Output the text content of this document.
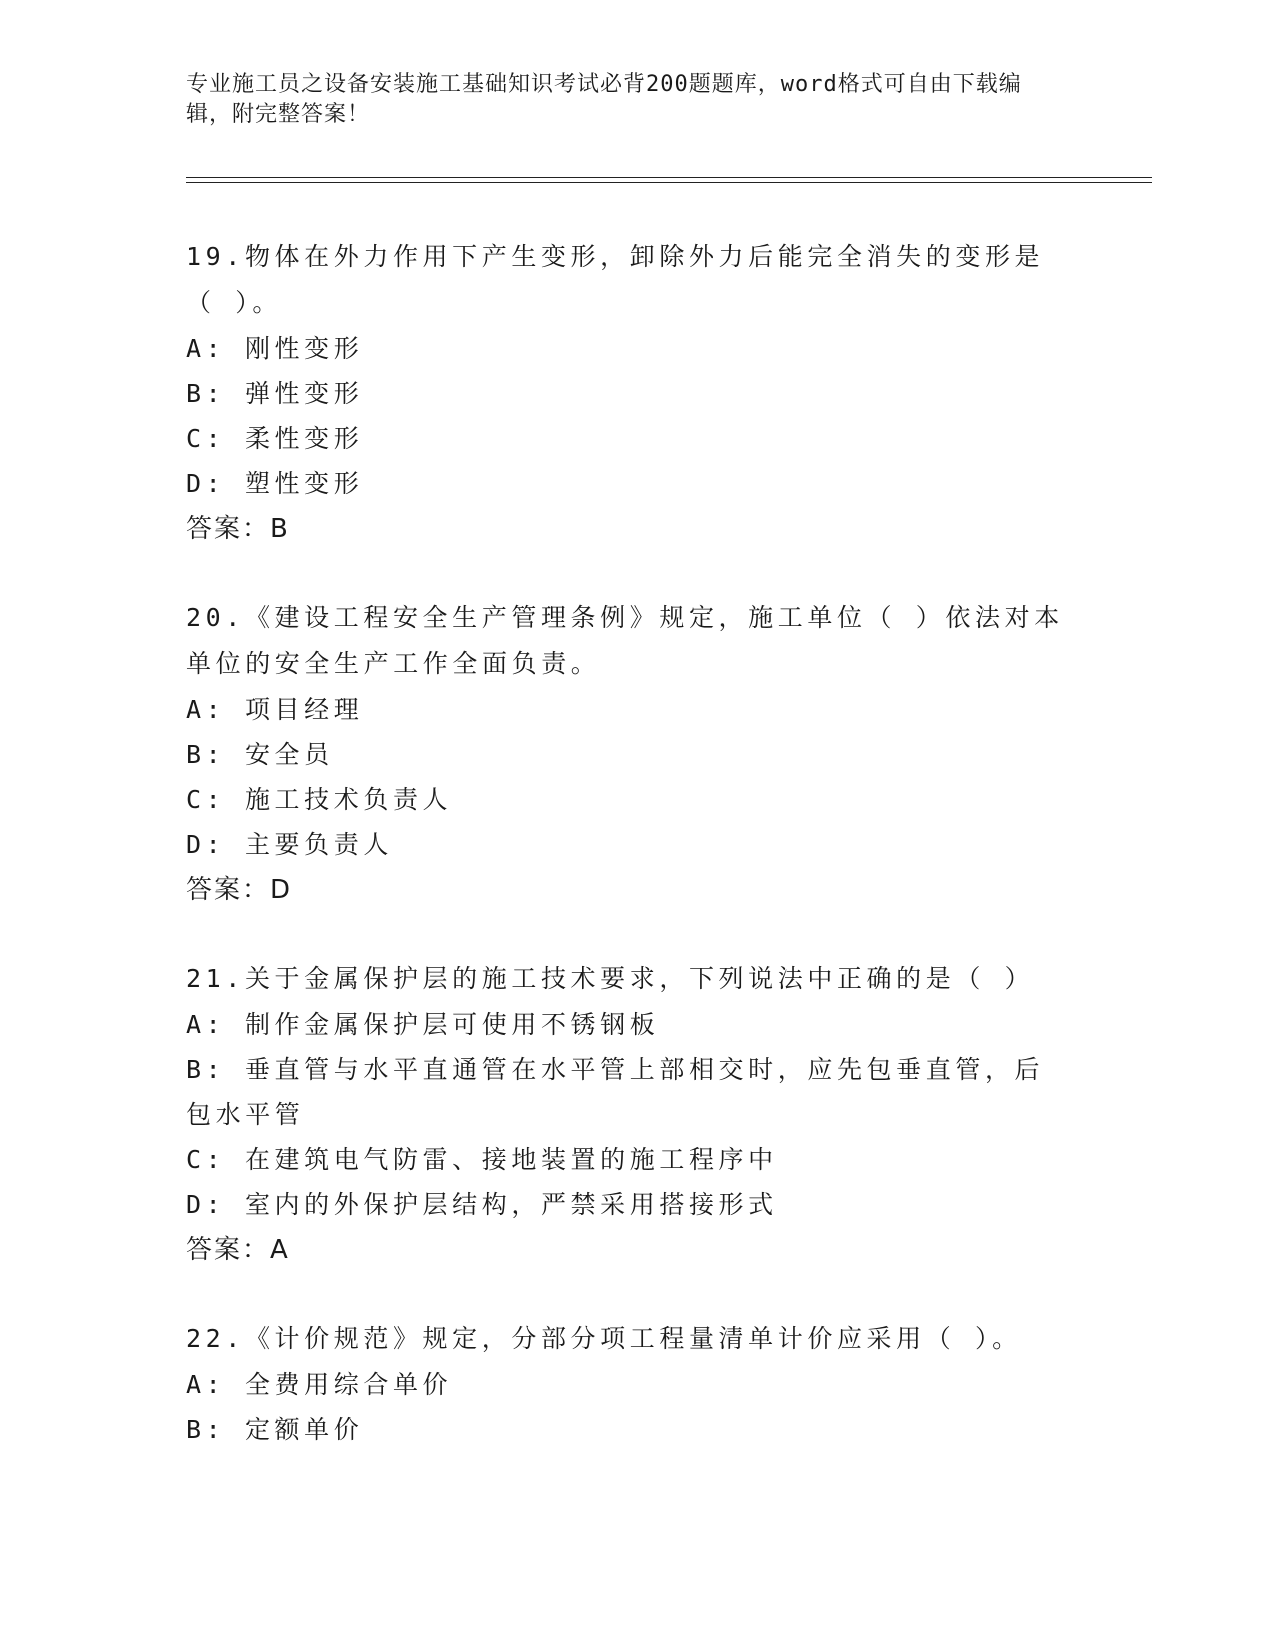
专业施工员之设备安装施工基础知识考试必背200题题库，word格式可自由下载编辑，附完整答案！

19.物体在外力作用下产生变形，卸除外力后能完全消失的变形是（ ）。

A: 刚性变形

B: 弹性变形

C: 柔性变形

D: 塑性变形

答案：B

20.《建设工程安全生产管理条例》规定，施工单位（ ）依法对本单位的安全生产工作全面负责。

A: 项目经理

B: 安全员

C: 施工技术负责人

D: 主要负责人

答案：D

21.关于金属保护层的施工技术要求，下列说法中正确的是（ ）

A: 制作金属保护层可使用不锈钢板

B: 垂直管与水平直通管在水平管上部相交时，应先包垂直管，后包水平管

C: 在建筑电气防雷、接地装置的施工程序中

D: 室内的外保护层结构，严禁采用搭接形式

答案：A

22.《计价规范》规定，分部分项工程量清单计价应采用（ ）。

A: 全费用综合单价

B: 定额单价
